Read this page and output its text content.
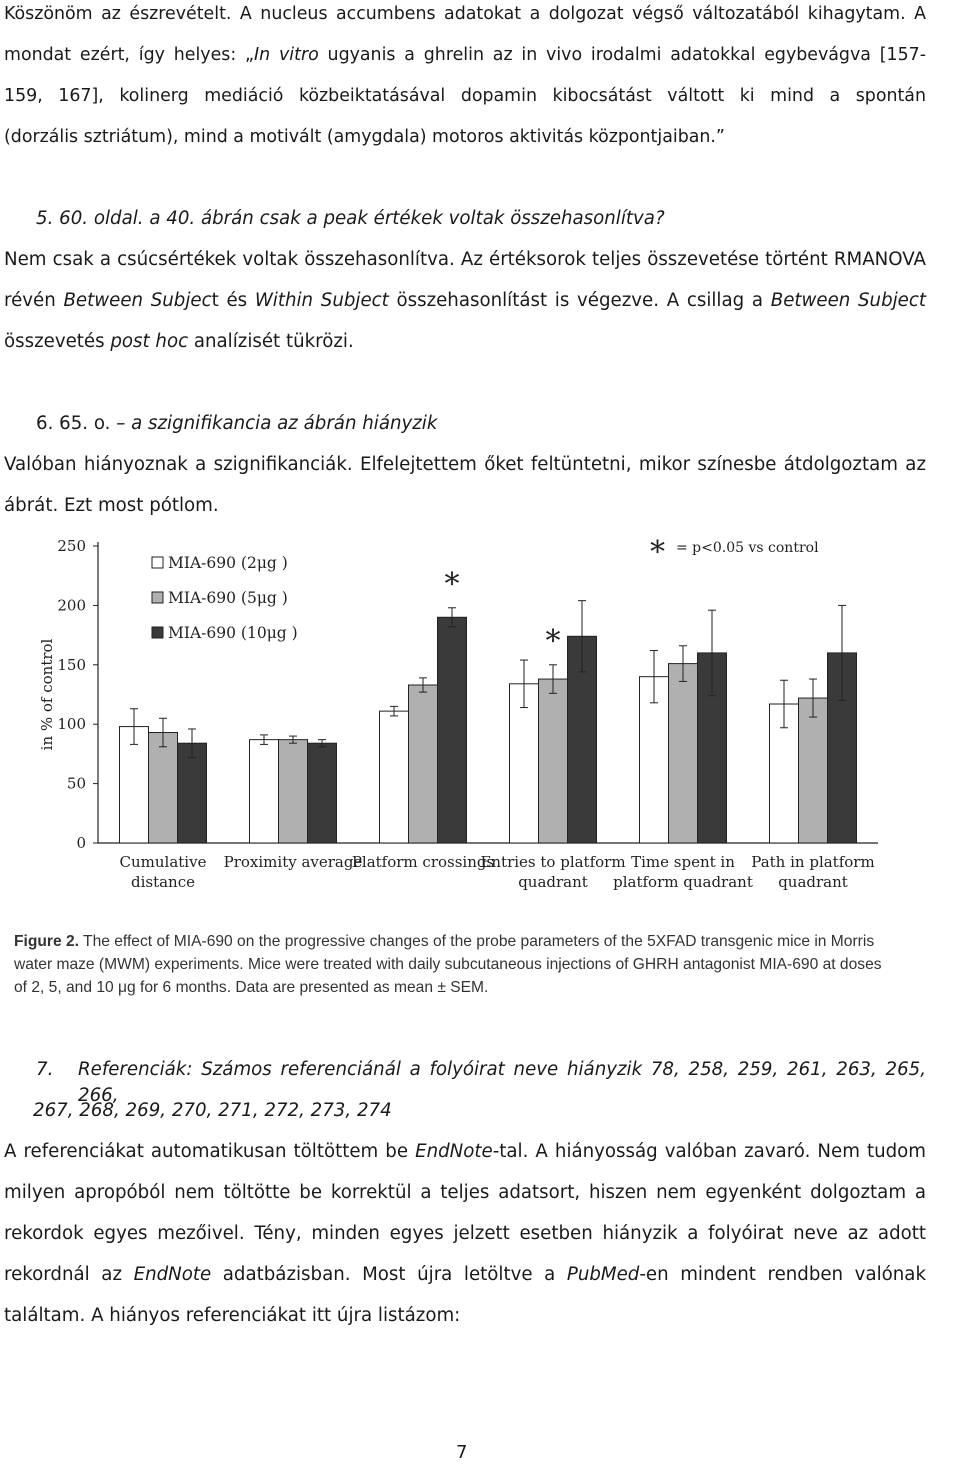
Köszönöm az észrevételt. A nucleus accumbens adatokat a dolgozat végső változatából kihagytam. A
mondat ezért, így helyes: „In vitro ugyanis a ghrelin az in vivo irodalmi adatokkal egybevágva [157-
159, 167], kolinerg mediáció közbeiktatásával dopamin kibocsátást váltott ki mind a spontán
(dorzális sztriátum), mind a motivált (amygdala) motoros aktivitás központjaiban.”
5. 60. oldal. a 40. ábrán csak a peak értékek voltak összehasonlítva?
Nem csak a csúcsértékek voltak összehasonlítva. Az értéksorok teljes összevetése történt RMANOVA
révén Between Subject és Within Subject összehasonlítást is végezve. A csillag a Between Subject
összevetés post hoc analízisét tükrözi.
6. 65. o. – a szignifikancia az ábrán hiányzik
Valóban hiányoznak a szignifikanciák. Elfelejtettem őket feltüntetni, mikor színesbe átdolgoztam az
ábrát. Ezt most pótlom.
0
50
100
150
200
250
in % of control
Cumulative
distance
Proximity average
Platform crossings
Entries to platform
quadrant
Time spent in
platform quadrant
Path in platform
quadrant
*
*
MIA-690 (2μg )
MIA-690 (5μg )
MIA-690 (10μg )
* = p<0.05 vs control
Figure 2. The effect of MIA-690 on the progressive changes of the probe parameters of the 5XFAD transgenic mice in Morris
water maze (MWM) experiments. Mice were treated with daily subcutaneous injections of GHRH antagonist MIA-690 at doses
of 2, 5, and 10 μg for 6 months. Data are presented as mean ± SEM.
7. Referenciák: Számos referenciánál a folyóirat neve hiányzik 78, 258, 259, 261, 263, 265, 266,
267, 268, 269, 270, 271, 272, 273, 274
A referenciákat automatikusan töltöttem be EndNote-tal. A hiányosság valóban zavaró. Nem tudom
milyen apropóból nem töltötte be korrektül a teljes adatsort, hiszen nem egyenként dolgoztam a
rekordok egyes mezőivel. Tény, minden egyes jelzett esetben hiányzik a folyóirat neve az adott
rekordnál az EndNote adatbázisban. Most újra letöltve a PubMed-en mindent rendben valónak
találtam. A hiányos referenciákat itt újra listázom:
7
